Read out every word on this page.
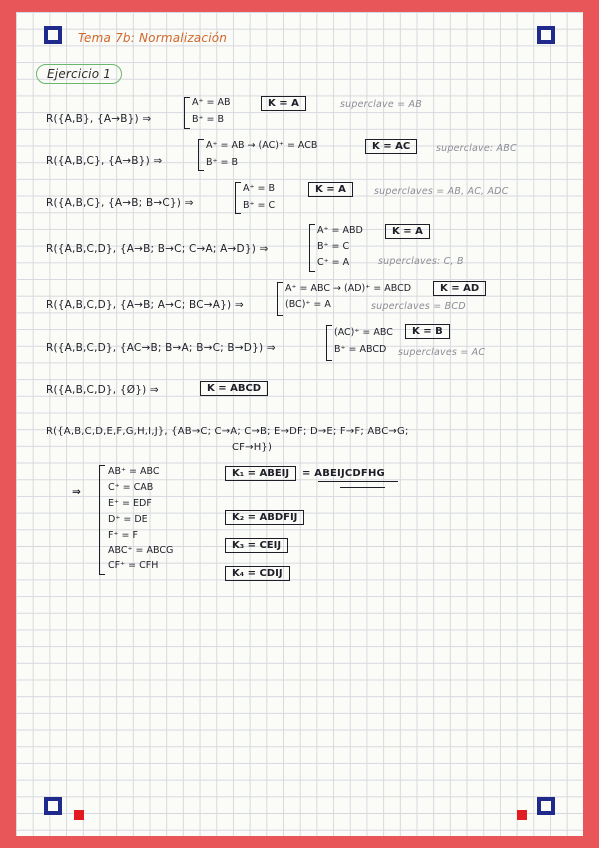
Tema 7b: Normalización
Ejercicio 1
R({A,B}, {A→B}) ⇒
A⁺ = AB
B⁺ = B
K = A	superclave = AB
R({A,B,C}, {A→B}) ⇒
A⁺ = AB → (AC)⁺ = ACB
B⁺ = B
K = AC	superclave: ABC
R({A,B,C}, {A→B; B→C}) ⇒
A⁺ = B
B⁺ = C
K = A	superclaves = AB, AC, ADC
R({A,B,C,D}, {A→B; B→C; C→A; A→D}) ⇒
A⁺ = ABD
B⁺ = C
C⁺ = A
K = A
superclaves: C, B
R({A,B,C,D}, {A→B; A→C; BC→A}) ⇒
A⁺ = ABC → (AD)⁺ = ABCD
(BC)⁺ = A
K = AD
superclaves = BCD
R({A,B,C,D}, {AC→B; B→A; B→C; B→D}) ⇒
(AC)⁺ = ABC
B⁺ = ABCD
K = B
superclaves = AC
R({A,B,C,D}, {Ø}) ⇒	K = ABCD
R({A,B,C,D,E,F,G,H,I,J}, {AB→C; C→A; C→B; E→DF; D→E; F→F; ABC→G;
CF→H})
⇒
AB⁺ = ABC
C⁺ = CAB
E⁺ = EDF
D⁺ = DE
F⁺ = F
ABC⁺ = ABCG
CF⁺ = CFH
K₁ = ABEIJ	= ABEIJCDFHG
K₂ = ABDFIJ
K₃ = CEIJ
K₄ = CDIJ
